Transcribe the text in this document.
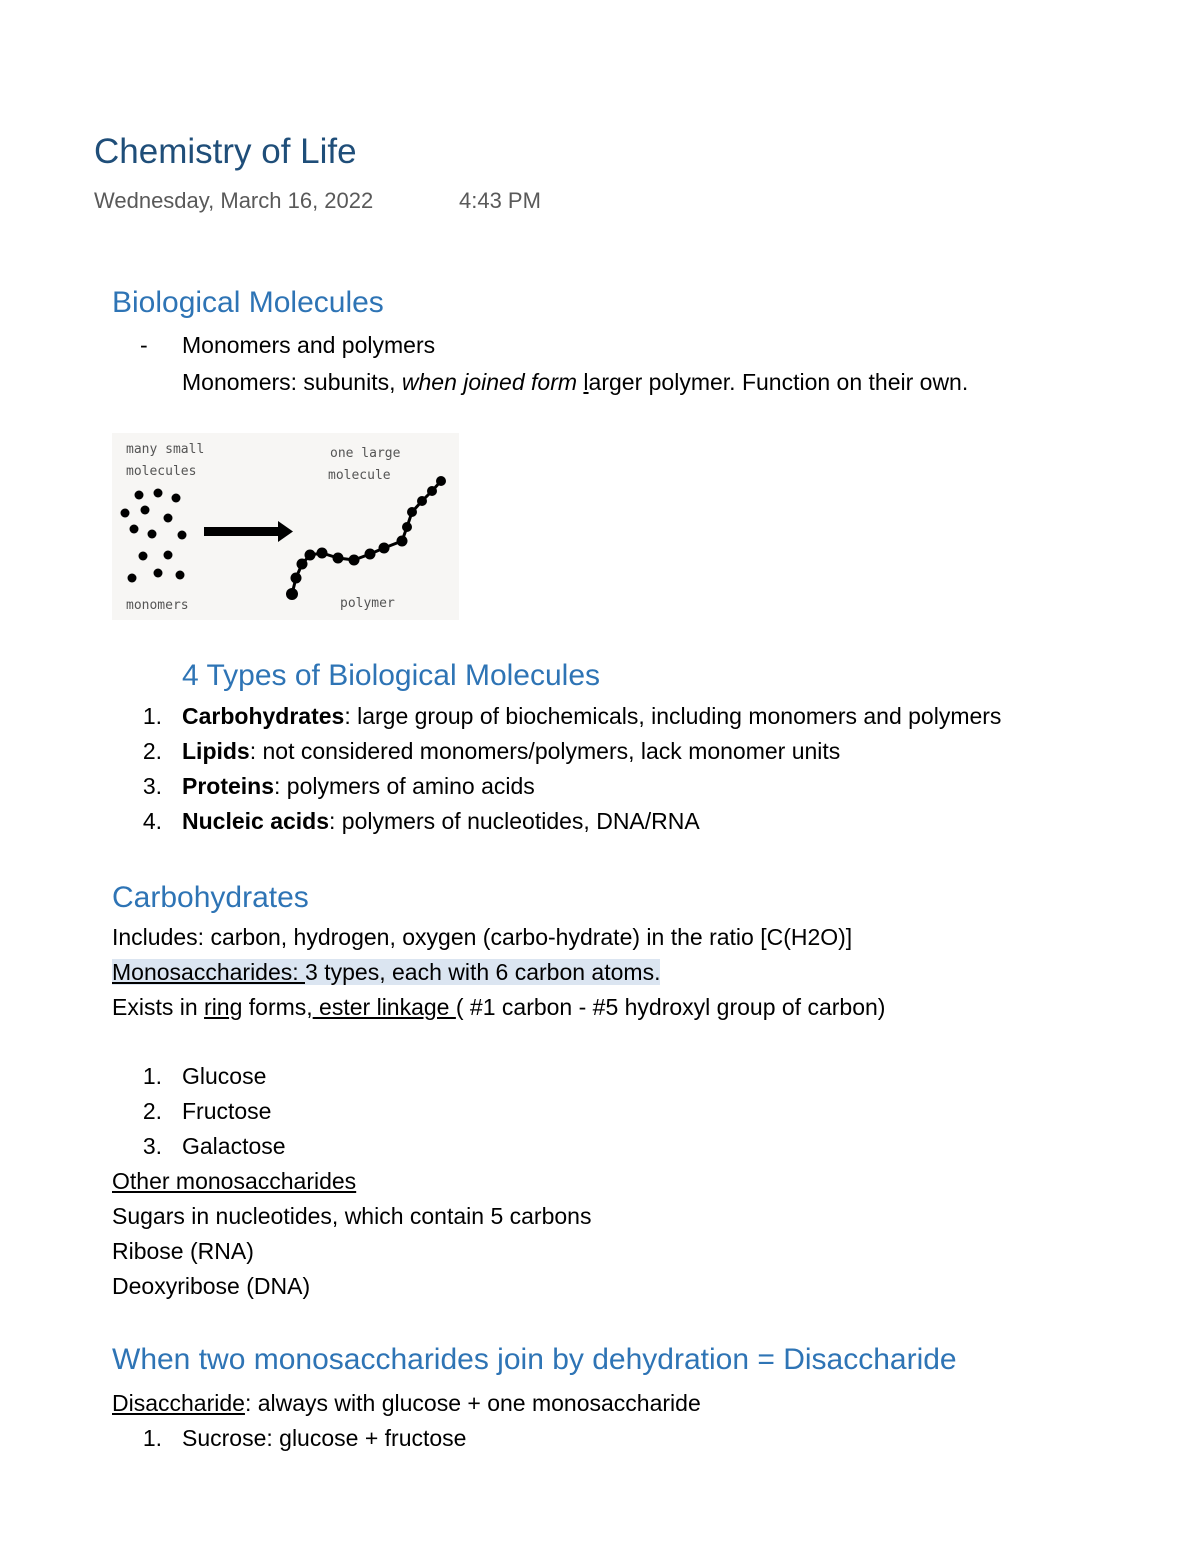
Chemistry of Life
Wednesday, March 16, 2022	4:43 PM
Biological Molecules
- Monomers and polymers
Monomers: subunits, when joined form larger polymer. Function on their own.
many small
molecules
one large
molecule
monomers	polymer
4 Types of Biological Molecules
1. Carbohydrates: large group of biochemicals, including monomers and polymers
2. Lipids: not considered monomers/polymers, lack monomer units
3. Proteins: polymers of amino acids
4. Nucleic acids: polymers of nucleotides, DNA/RNA
Carbohydrates
Includes: carbon, hydrogen, oxygen (carbo-hydrate) in the ratio [C(H2O)]
Monosaccharides: 3 types, each with 6 carbon atoms.
Exists in ring forms, ester linkage ( #1 carbon - #5 hydroxyl group of carbon)
1. Glucose
2. Fructose
3. Galactose
Other monosaccharides
Sugars in nucleotides, which contain 5 carbons
Ribose (RNA)
Deoxyribose (DNA)
When two monosaccharides join by dehydration = Disaccharide
Disaccharide: always with glucose + one monosaccharide
1. Sucrose: glucose + fructose
